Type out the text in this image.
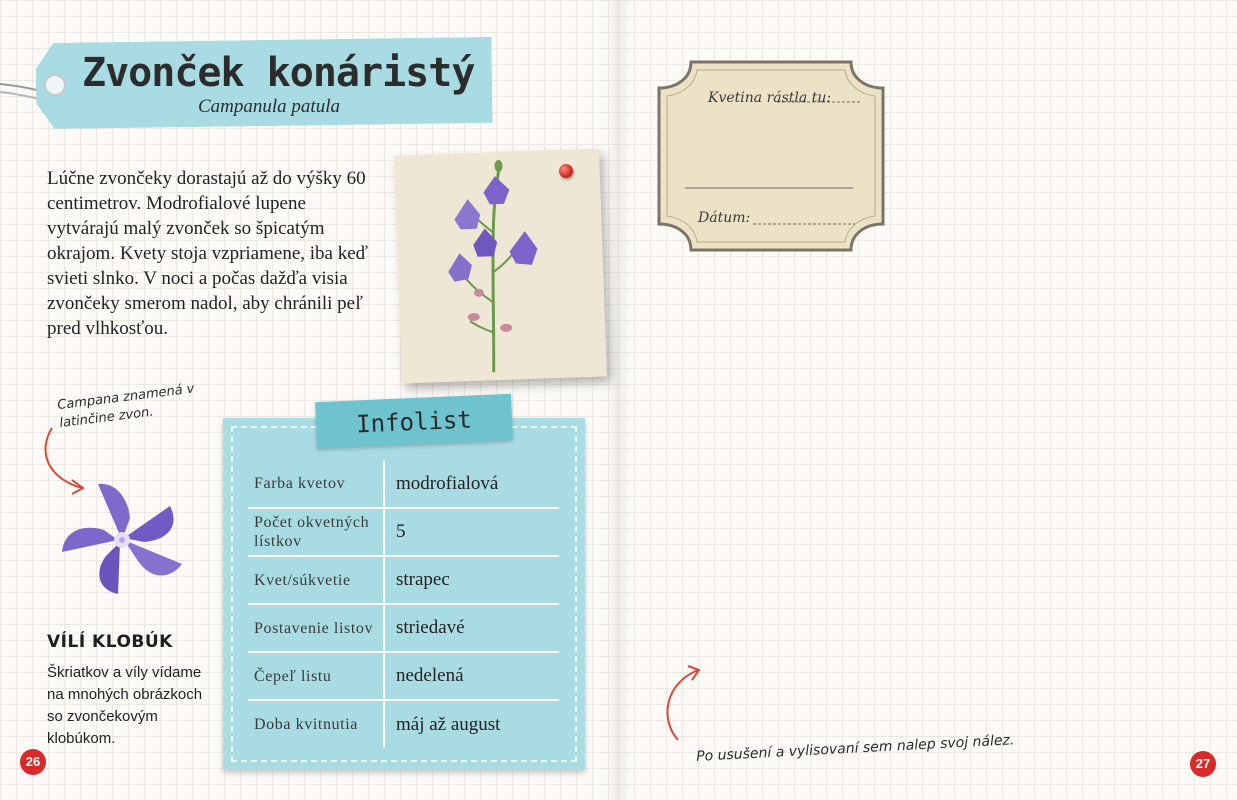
Zvonček konáristý
Campanula patula
Lúčne zvončeky dorastajú až do výšky 60 centimetrov. Modrofialové lupene vytvárajú malý zvonček so špicatým okrajom. Kvety stoja vzpriamene, iba keď svieti slnko. V noci a počas dažďa visia zvončeky smerom nadol, aby chránili peľ pred vlhkosťou.
Campana znamená v latinčine zvon.
VÍLÍ KLOBÚK
Škriatkov a víly vídame na mnohých obrázkoch so zvončekovým klobúkom.
26	27
Infolist
Farba kvetov	modrofialová
Počet okvetných lístkov	5
Kvet/súkvetie	strapec
Postavenie listov	striedavé
Čepeľ listu	nedelená
Doba kvitnutia	máj až august
Kvetina rástla tu:
Dátum:
Po usušení a vylisovaní sem nalep svoj nález.
